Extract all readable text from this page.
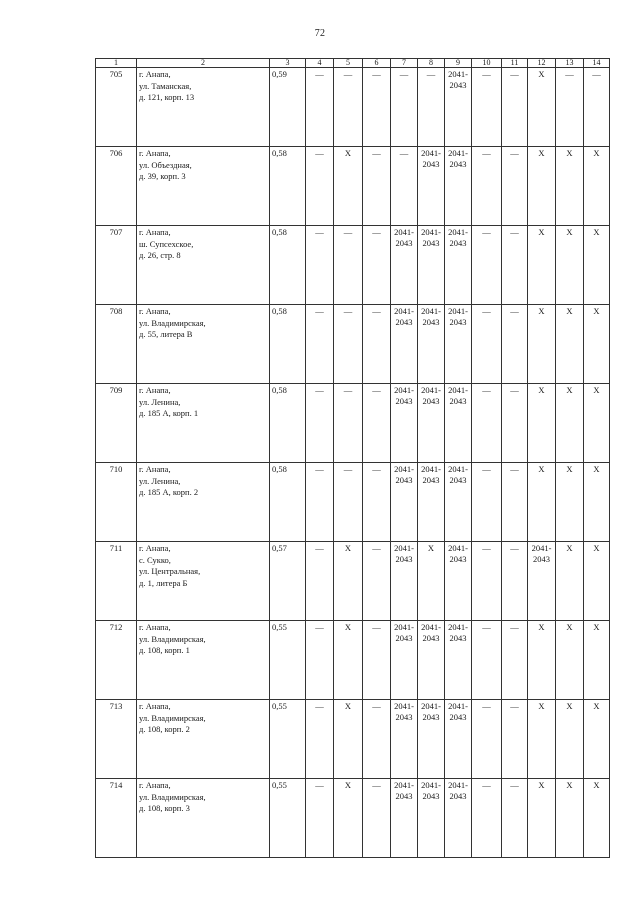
72
1	2	3	4	5	6	7	8	9	10	11	12	13	14
705	г. Анапа,
ул. Таманская,
д. 121, корп. 13	0,59	—	—	—	—	—	2041-2043	—	—	X	—	—
706	г. Анапа,
ул. Объездная,
д. 39, корп. 3	0,58	—	X	—	—	2041-2043	2041-2043	—	—	X	X	X
707	г. Анапа,
ш. Супсехское,
д. 26, стр. 8	0,58	—	—	—	2041-2043	2041-2043	2041-2043	—	—	X	X	X
708	г. Анапа,
ул. Владимирская,
д. 55, литера В	0,58	—	—	—	2041-2043	2041-2043	2041-2043	—	—	X	X	X
709	г. Анапа,
ул. Ленина,
д. 185 А, корп. 1	0,58	—	—	—	2041-2043	2041-2043	2041-2043	—	—	X	X	X
710	г. Анапа,
ул. Ленина,
д. 185 А, корп. 2	0,58	—	—	—	2041-2043	2041-2043	2041-2043	—	—	X	X	X
711	г. Анапа,
с. Сукко,
ул. Центральная,
д. 1, литера Б	0,57	—	X	—	2041-2043	X	2041-2043	—	—	2041-2043	X	X
712	г. Анапа,
ул. Владимирская,
д. 108, корп. 1	0,55	—	X	—	2041-2043	2041-2043	2041-2043	—	—	X	X	X
713	г. Анапа,
ул. Владимирская,
д. 108, корп. 2	0,55	—	X	—	2041-2043	2041-2043	2041-2043	—	—	X	X	X
714	г. Анапа,
ул. Владимирская,
д. 108, корп. 3	0,55	—	X	—	2041-2043	2041-2043	2041-2043	—	—	X	X	X
